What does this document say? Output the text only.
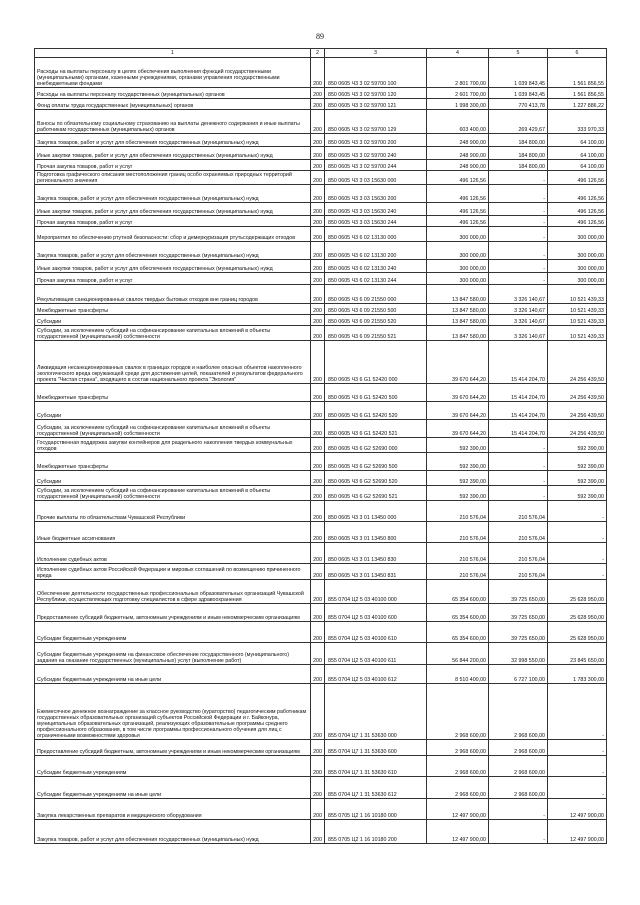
89
1	2	3	4	5	6
Расходы на выплаты персоналу в целях обеспечения выполнения функций государственными (муниципальными) органами, казенными учреждениями, органами управления государственными внебюджетными фондами	200	850 0605 Ч3 3 02 59700 100	2 801 700,00	1 039 843,45	1 561 856,55
Расходы на выплаты персоналу государственных (муниципальных) органов	200	850 0605 Ч3 3 02 59700 120	2 601 700,00	1 039 843,45	1 561 856,55
Фонд оплаты труда государственных (муниципальных) органов	200	850 0605 Ч3 3 02 59700 121	1 998 300,00	770 413,78	1 227 886,22
Взносы по обязательному социальному страхованию на выплаты денежного содержания и иные выплаты работникам государственных (муниципальных) органов	200	850 0605 Ч3 3 02 59700 129	603 400,00	269 429,67	333 970,33
Закупка товаров, работ и услуг для обеспечения государственных (муниципальных) нужд	200	850 0605 Ч3 3 02 59700 200	248 900,00	184 800,00	64 100,00
Иные закупки товаров, работ и услуг для обеспечения государственных (муниципальных) нужд	200	850 0605 Ч3 3 02 59700 240	248 900,00	184 800,00	64 100,00
Прочая закупка товаров, работ и услуг	200	850 0605 Ч3 3 02 59700 244	248 900,00	184 800,00	64 100,00
Подготовка графического описания местоположения границ особо охраняемых природных территорий регионального значения	200	850 0605 Ч3 3 03 15630 000	496 126,56	-	496 126,56
Закупка товаров, работ и услуг для обеспечения государственных (муниципальных) нужд	200	850 0605 Ч3 3 03 15630 200	496 126,56	-	496 126,56
Иные закупки товаров, работ и услуг для обеспечения государственных (муниципальных) нужд	200	850 0605 Ч3 3 03 15630 240	496 126,56	-	496 126,56
Прочая закупка товаров, работ и услуг	200	850 0605 Ч3 3 03 15630 244	496 126,56	-	496 126,56
Мероприятия по обеспечению ртутной безопасности: сбор и демеркуризация ртутьсодержащих отходов	200	850 0605 Ч3 6 02 13130 000	300 000,00	-	300 000,00
Закупка товаров, работ и услуг для обеспечения государственных (муниципальных) нужд	200	850 0605 Ч3 6 02 13130 200	300 000,00	-	300 000,00
Иные закупки товаров, работ и услуг для обеспечения государственных (муниципальных) нужд	200	850 0605 Ч3 6 02 13130 240	300 000,00	-	300 000,00
Прочая закупка товаров, работ и услуг	200	850 0605 Ч3 6 02 13130 244	300 000,00	-	300 000,00
Рекультивация санкционированных свалок твердых бытовых отходов вне границ городов	200	850 0605 Ч3 6 09 21550 000	13 847 580,00	3 326 140,67	10 521 439,33
Межбюджетные трансферты	200	850 0605 Ч3 6 09 21550 500	13 847 580,00	3 326 140,67	10 521 439,33
Субсидии	200	850 0605 Ч3 6 09 21550 520	13 847 580,00	3 326 140,67	10 521 439,33
Субсидии, за исключением субсидий на софинансирование капитальных вложений в объекты государственной (муниципальной) собственности	200	850 0605 Ч3 6 09 21550 521	13 847 580,00	3 326 140,67	10 521 439,33
Ликвидация несанкционированных свалок в границах городов и наиболее опасных объектов накопленного экологического вреда окружающей среде для достижения целей, показателей и результатов федерального проекта "Чистая страна", входящего в состав национального проекта "Экология"	200	850 0605 Ч3 6 G1 52420 000	39 670 644,20	15 414 204,70	24 256 439,50
Межбюджетные трансферты	200	850 0605 Ч3 6 G1 52420 500	39 670 644,20	15 414 204,70	24 256 439,50
Субсидии	200	850 0605 Ч3 6 G1 52420 520	39 670 644,20	15 414 204,70	24 256 439,50
Субсидии, за исключением субсидий на софинансирование капитальных вложений в объекты государственной (муниципальной) собственности	200	850 0605 Ч3 6 G1 52420 521	39 670 644,20	15 414 204,70	24 256 439,50
Государственная поддержка закупки контейнеров для раздельного накопления твердых коммунальных отходов	200	850 0605 Ч3 6 G2 52690 000	592 390,00	-	592 390,00
Межбюджетные трансферты	200	850 0605 Ч3 6 G2 52690 500	592 390,00	-	592 390,00
Субсидии	200	850 0605 Ч3 6 G2 52690 520	592 390,00	-	592 390,00
Субсидии, за исключением субсидий на софинансирование капитальных вложений в объекты государственной (муниципальной) собственности	200	850 0605 Ч3 6 G2 52690 521	592 390,00	-	592 390,00
Прочие выплаты по обязательствам Чувашской Республики	200	850 0605 Ч3 3 01 13450 000	210 576,04	210 576,04	-
Иные бюджетные ассигнования	200	850 0605 Ч3 3 01 13450 800	210 576,04	210 576,04	-
Исполнение судебных актов	200	850 0605 Ч3 3 01 13450 830	210 576,04	210 576,04	-
Исполнение судебных актов Российской Федерации и мировых соглашений по возмещению причиненного вреда	200	850 0605 Ч3 3 01 13450 831	210 576,04	210 576,04	-
Обеспечение деятельности государственных профессиональных образовательных организаций Чувашской Республики, осуществляющих подготовку специалистов в сфере здравоохранения	200	855 0704 Ц2 5 03 40100 000	65 354 600,00	39 725 650,00	25 628 950,00
Предоставление субсидий бюджетным, автономным учреждениям и иным некоммерческим организациям	200	855 0704 Ц2 5 03 40100 600	65 354 600,00	39 725 650,00	25 628 950,00
Субсидии бюджетным учреждениям	200	855 0704 Ц2 5 03 40100 610	65 354 600,00	39 725 650,00	25 628 950,00
Субсидии бюджетным учреждениям на финансовое обеспечение государственного (муниципального) задания на оказание государственных (муниципальных) услуг (выполнение работ)	200	855 0704 Ц2 5 03 40100 611	56 844 200,00	32 998 550,00	23 845 650,00
Субсидии бюджетным учреждениям на иные цели	200	855 0704 Ц2 5 03 40100 612	8 510 400,00	6 727 100,00	1 783 300,00
Ежемесячное денежное вознаграждение за классное руководство (кураторство) педагогическим работникам государственных образовательных организаций субъектов Российской Федерации и г. Байконура, муниципальных образовательных организаций, реализующих образовательные программы среднего профессионального образования, в том числе программы профессионального обучения для лиц с ограниченными возможностями здоровья	200	855 0704 Ц7 1 31 53630 000	2 968 600,00	2 968 600,00	-
Предоставление субсидий бюджетным, автономным учреждениям и иным некоммерческим организациям	200	855 0704 Ц7 1 31 53630 600	2 968 600,00	2 968 600,00	-
Субсидии бюджетным учреждениям	200	855 0704 Ц7 1 31 53630 610	2 968 600,00	2 968 600,00	-
Субсидии бюджетным учреждениям на иные цели	200	855 0704 Ц7 1 31 53630 612	2 968 600,00	2 968 600,00	-
Закупка лекарственных препаратов и медицинского оборудования	200	855 0705 Ц2 1 16 10180 000	12 497 900,00	-	12 497 900,00
Закупка товаров, работ и услуг для обеспечения государственных (муниципальных) нужд	200	855 0705 Ц2 1 16 10180 200	12 497 900,00	-	12 497 900,00
